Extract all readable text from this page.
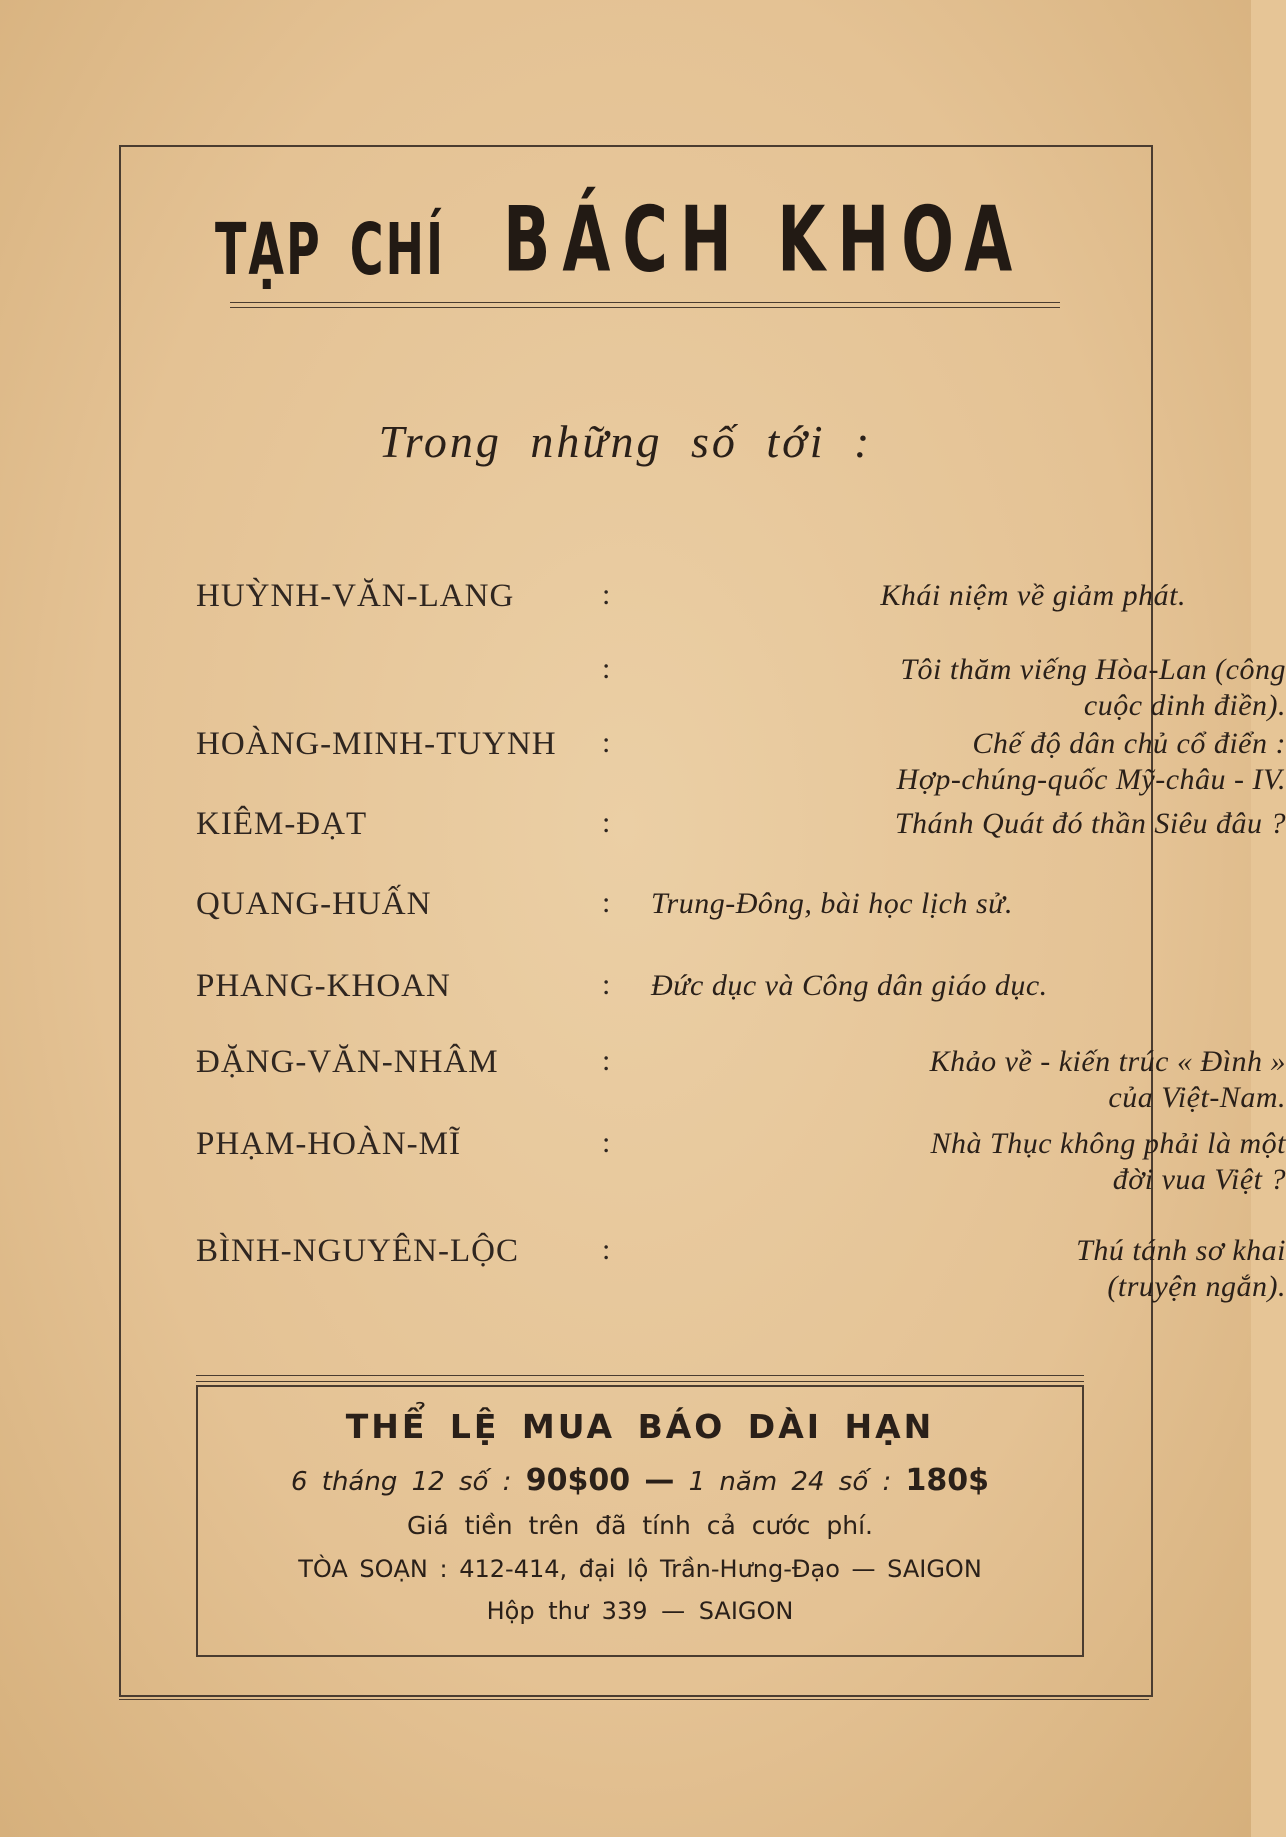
TẠP CHÍ BÁCH KHOA
Trong những số tới :
HUỲNH-VĂN-LANG	:	Khái niệm về giảm phát.
:	Tôi thăm viếng Hòa-Lan (công
cuộc dinh điền).
HOÀNG-MINH-TUYNH :	Chế độ dân chủ cổ điển :
Hợp-chúng-quốc Mỹ-châu - IV.
KIÊM-ĐẠT	:	Thánh Quát đó thần Siêu đâu ?
QUANG-HUẤN	: Trung-Đông, bài học lịch sử.
PHANG-KHOAN	: Đức dục và Công dân giáo dục.
ĐẶNG-VĂN-NHÂM	:	Khảo về - kiến trúc « Đình »
của Việt-Nam.
PHẠM-HOÀN-MĨ	:	Nhà Thục không phải là một
đời vua Việt ?
BÌNH-NGUYÊN-LỘC	:	Thú tánh sơ khai
(truyện ngắn).
THỂ LỆ MUA BÁO DÀI HẠN
6 tháng 12 số : 90$00 — 1 năm 24 số : 180$
Giá tiền trên đã tính cả cước phí.
TÒA SOẠN : 412-414, đại lộ Trần-Hưng-Đạo — SAIGON
Hộp thư 339 — SAIGON
